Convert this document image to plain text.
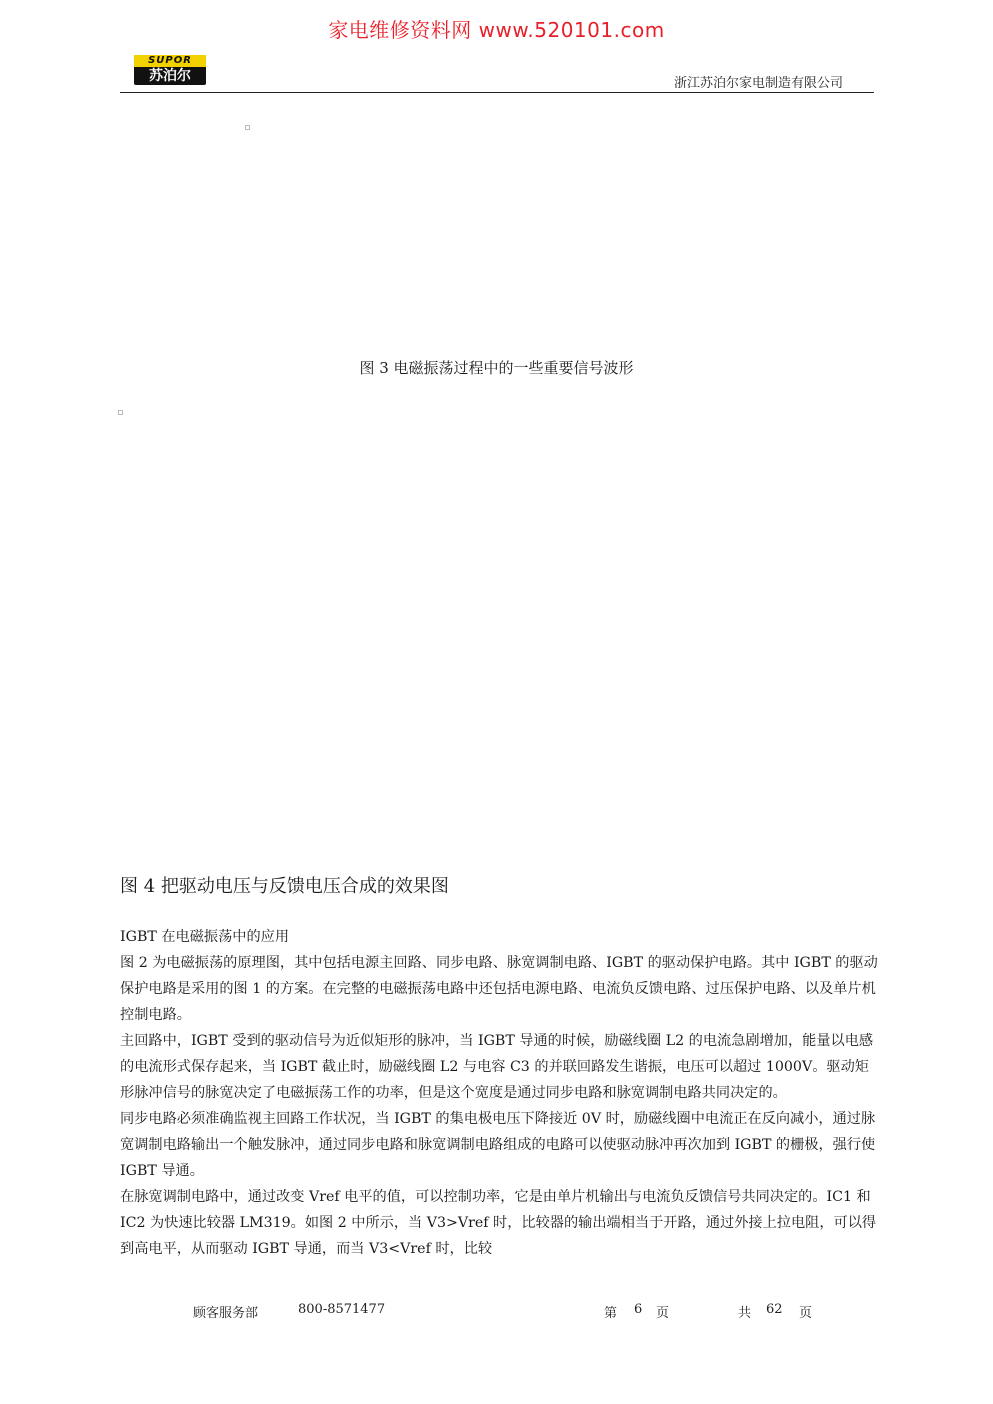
家电维修资料网 www.520101.com
SUPOR
苏泊尔	浙江苏泊尔家电制造有限公司
图 3 电磁振荡过程中的一些重要信号波形
图 4 把驱动电压与反馈电压合成的效果图

IGBT 在电磁振荡中的应用

图 2 为电磁振荡的原理图，其中包括电源主回路、同步电路、脉宽调制电路、IGBT 的驱动保护电路。其中 IGBT 的驱动保护电路是采用的图 1 的方案。在完整的电磁振荡电路中还包括电源电路、电流负反馈电路、过压保护电路、以及单片机控制电路。

主回路中，IGBT 受到的驱动信号为近似矩形的脉冲，当 IGBT 导通的时候，励磁线圈 L2 的电流急剧增加，能量以电感的电流形式保存起来，当 IGBT 截止时，励磁线圈 L2 与电容 C3 的并联回路发生谐振，电压可以超过 1000V。驱动矩形脉冲信号的脉宽决定了电磁振荡工作的功率，但是这个宽度是通过同步电路和脉宽调制电路共同决定的。

同步电路必须准确监视主回路工作状况，当 IGBT 的集电极电压下降接近 0V 时，励磁线圈中电流正在反向减小，通过脉宽调制电路输出一个触发脉冲，通过同步电路和脉宽调制电路组成的电路可以使驱动脉冲再次加到 IGBT 的栅极，强行使 IGBT 导通。

在脉宽调制电路中，通过改变 Vref 电平的值，可以控制功率，它是由单片机输出与电流负反馈信号共同决定的。IC1 和 IC2 为快速比较器 LM319。如图 2 中所示，当 V3>Vref 时，比较器的输出端相当于开路，通过外接上拉电阻，可以得到高电平，从而驱动 IGBT 导通，而当 V3<Vref 时，比较

顾客服务部	800-8571477	第 6 页	共 62 页
